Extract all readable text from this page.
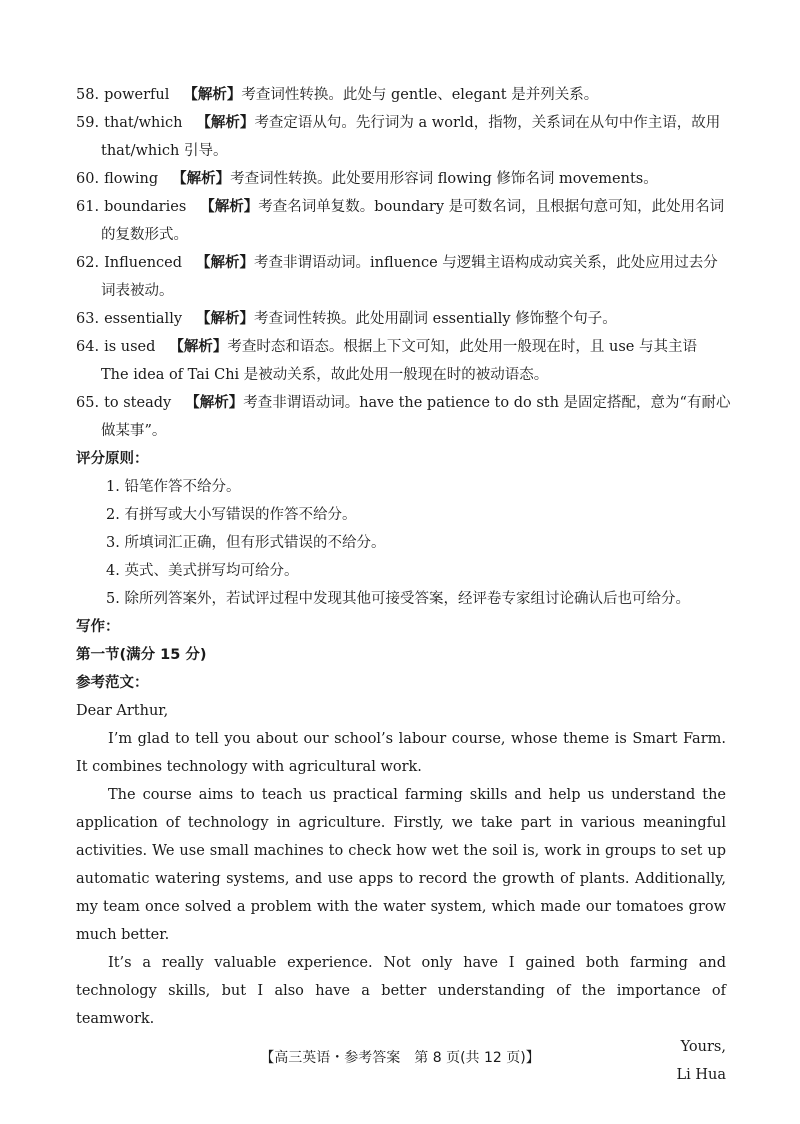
58. powerful 【解析】考查词性转换。此处与 gentle、elegant 是并列关系。
59. that/which 【解析】考查定语从句。先行词为 a world，指物，关系词在从句中作主语，故用
that/which 引导。
60. flowing 【解析】考查词性转换。此处要用形容词 flowing 修饰名词 movements。
61. boundaries 【解析】考查名词单复数。boundary 是可数名词，且根据句意可知，此处用名词
的复数形式。
62. Influenced 【解析】考查非谓语动词。influence 与逻辑主语构成动宾关系，此处应用过去分
词表被动。
63. essentially 【解析】考查词性转换。此处用副词 essentially 修饰整个句子。
64. is used 【解析】考查时态和语态。根据上下文可知，此处用一般现在时，且 use 与其主语
The idea of Tai Chi 是被动关系，故此处用一般现在时的被动语态。
65. to steady 【解析】考查非谓语动词。have the patience to do sth 是固定搭配，意为“有耐心
做某事”。
评分原则：
1. 铅笔作答不给分。
2. 有拼写或大小写错误的作答不给分。
3. 所填词汇正确，但有形式错误的不给分。
4. 英式、美式拼写均可给分。
5. 除所列答案外，若试评过程中发现其他可接受答案，经评卷专家组讨论确认后也可给分。
写作：
第一节(满分 15 分)
参考范文：
Dear Arthur,

I’m glad to tell you about our school’s labour course, whose theme is Smart Farm. It combines technology with agricultural work.

The course aims to teach us practical farming skills and help us understand the application of technology in agriculture. Firstly, we take part in various meaningful activities. We use small machines to check how wet the soil is, work in groups to set up automatic watering systems, and use apps to record the growth of plants. Additionally, my team once solved a problem with the water system, which made our tomatoes grow much better.

It’s a really valuable experience. Not only have I gained both farming and technology skills, but I also have a better understanding of the importance of teamwork.

Yours,
Li Hua
【高三英语・参考答案　第 8 页(共 12 页)】
